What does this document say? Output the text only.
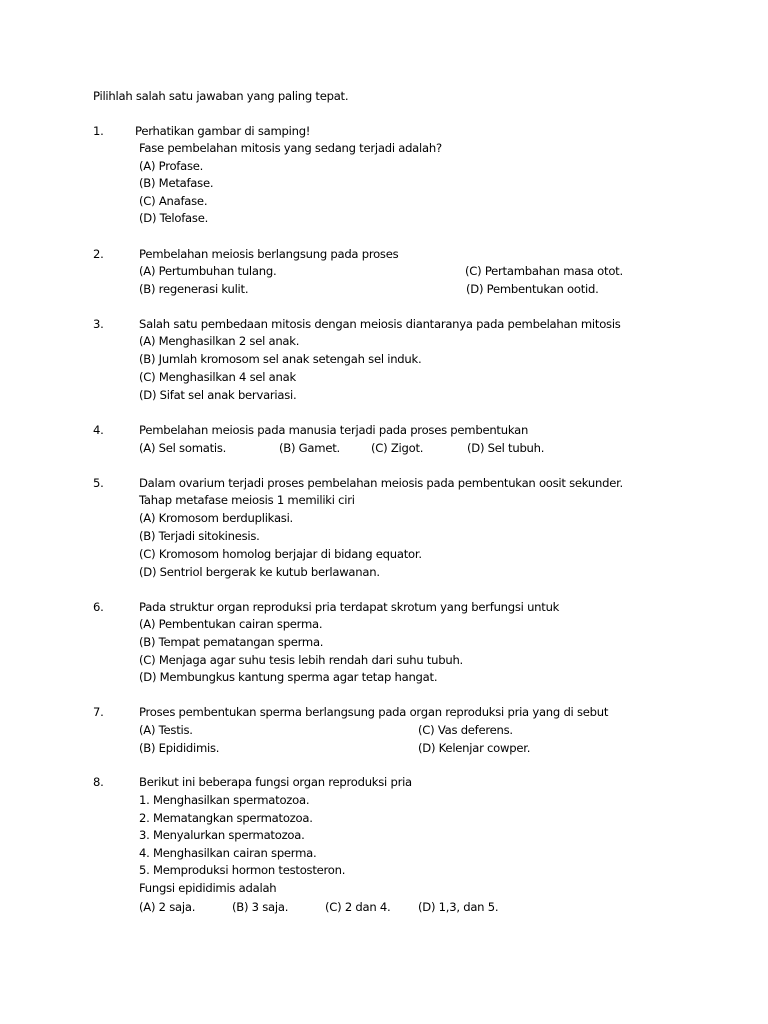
Pilihlah salah satu jawaban yang paling tepat.
1.	Perhatikan gambar di samping!
Fase pembelahan mitosis yang sedang terjadi adalah?
(A) Profase.
(B) Metafase.
(C) Anafase.
(D) Telofase.
2.	Pembelahan meiosis berlangsung pada proses
(A) Pertumbuhan tulang.	(C) Pertambahan masa otot.
(B) regenerasi kulit.	(D) Pembentukan ootid.
3.	Salah satu pembedaan mitosis dengan meiosis diantaranya pada pembelahan mitosis
(A) Menghasilkan 2 sel anak.
(B) Jumlah kromosom sel anak setengah sel induk.
(C) Menghasilkan 4 sel anak
(D) Sifat sel anak bervariasi.
4.	Pembelahan meiosis pada manusia terjadi pada proses pembentukan
(A) Sel somatis.	(B) Gamet.	(C) Zigot.	(D) Sel tubuh.
5.	Dalam ovarium terjadi proses pembelahan meiosis pada pembentukan oosit sekunder.
Tahap metafase meiosis 1 memiliki ciri
(A) Kromosom berduplikasi.
(B) Terjadi sitokinesis.
(C) Kromosom homolog berjajar di bidang equator.
(D) Sentriol bergerak ke kutub berlawanan.
6.	Pada struktur organ reproduksi pria terdapat skrotum yang berfungsi untuk
(A) Pembentukan cairan sperma.
(B) Tempat pematangan sperma.
(C) Menjaga agar suhu tesis lebih rendah dari suhu tubuh.
(D) Membungkus kantung sperma agar tetap hangat.
7.	Proses pembentukan sperma berlangsung pada organ reproduksi pria yang di sebut
(A) Testis.	(C) Vas deferens.
(B) Epididimis.	(D) Kelenjar cowper.
8.	Berikut ini beberapa fungsi organ reproduksi pria
1. Menghasilkan spermatozoa.
2. Mematangkan spermatozoa.
3. Menyalurkan spermatozoa.
4. Menghasilkan cairan sperma.
5. Memproduksi hormon testosteron.
Fungsi epididimis adalah
(A) 2 saja.	(B) 3 saja.	(C) 2 dan 4. (D) 1,3, dan 5.
